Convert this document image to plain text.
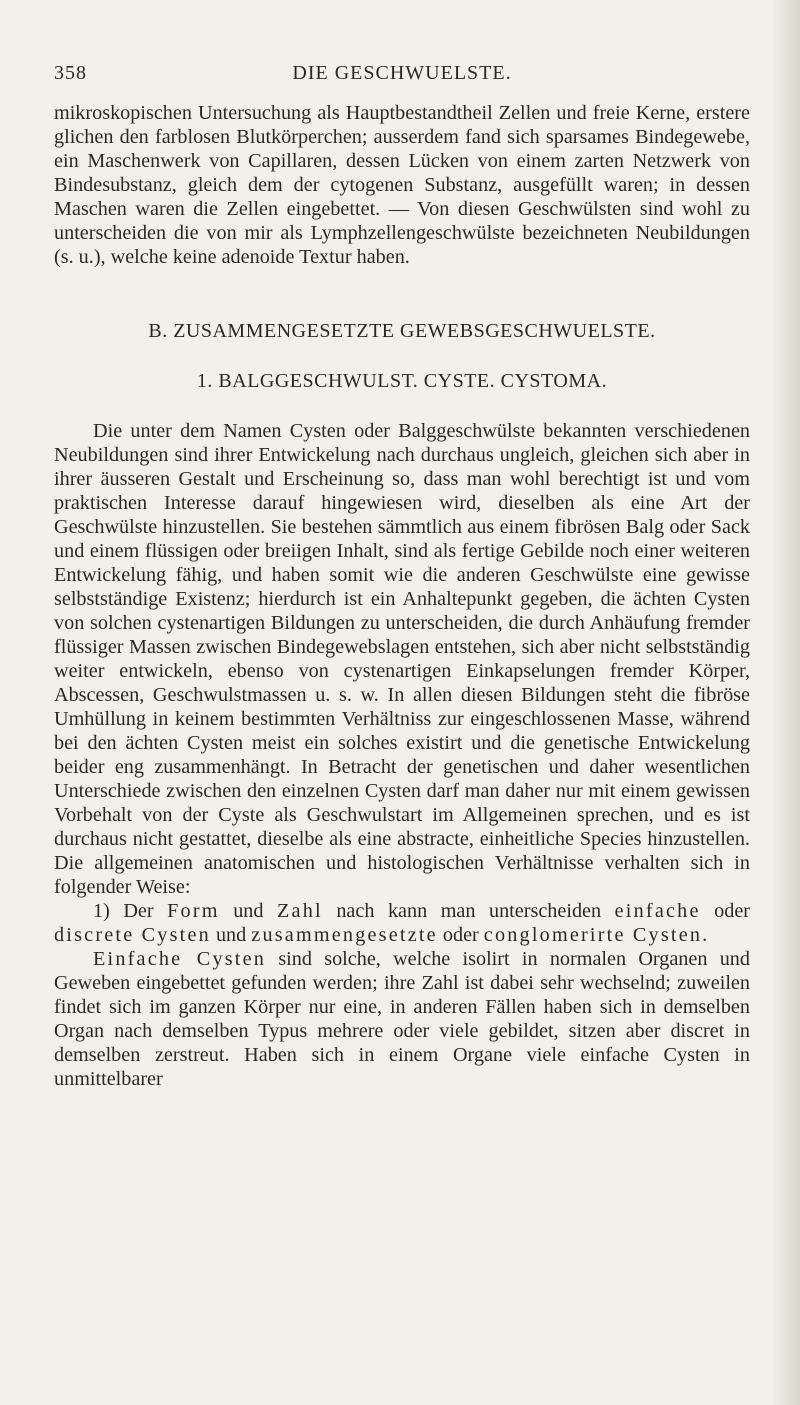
358	DIE GESCHWUELSTE.

mikroskopischen Untersuchung als Hauptbestandtheil Zellen und freie Kerne, erstere glichen den farblosen Blutkörperchen; ausserdem fand sich sparsames Bindegewebe, ein Maschenwerk von Capillaren, dessen Lücken von einem zarten Netzwerk von Bindesubstanz, gleich dem der cytogenen Substanz, ausgefüllt waren; in dessen Maschen waren die Zellen eingebettet. — Von diesen Geschwülsten sind wohl zu unterscheiden die von mir als Lymphzellengeschwülste bezeichneten Neubildungen (s. u.), welche keine adenoide Textur haben.

B. ZUSAMMENGESETZTE GEWEBSGESCHWUELSTE.

1. BALGGESCHWULST. CYSTE. CYSTOMA.

Die unter dem Namen Cysten oder Balggeschwülste bekannten verschiedenen Neubildungen sind ihrer Entwickelung nach durchaus ungleich, gleichen sich aber in ihrer äusseren Gestalt und Erscheinung so, dass man wohl berechtigt ist und vom praktischen Interesse darauf hingewiesen wird, dieselben als eine Art der Geschwülste hinzustellen. Sie bestehen sämmtlich aus einem fibrösen Balg oder Sack und einem flüssigen oder breiigen Inhalt, sind als fertige Gebilde noch einer weiteren Entwickelung fähig, und haben somit wie die anderen Geschwülste eine gewisse selbstständige Existenz; hierdurch ist ein Anhaltepunkt gegeben, die ächten Cysten von solchen cystenartigen Bildungen zu unterscheiden, die durch Anhäufung fremder flüssiger Massen zwischen Bindegewebslagen entstehen, sich aber nicht selbstständig weiter entwickeln, ebenso von cystenartigen Einkapselungen fremder Körper, Abscessen, Geschwulstmassen u. s. w. In allen diesen Bildungen steht die fibröse Umhüllung in keinem bestimmten Verhältniss zur eingeschlossenen Masse, während bei den ächten Cysten meist ein solches existirt und die genetische Entwickelung beider eng zusammenhängt. In Betracht der genetischen und daher wesentlichen Unterschiede zwischen den einzelnen Cysten darf man daher nur mit einem gewissen Vorbehalt von der Cyste als Geschwulstart im Allgemeinen sprechen, und es ist durchaus nicht gestattet, dieselbe als eine abstracte, einheitliche Species hinzustellen. Die allgemeinen anatomischen und histologischen Verhältnisse verhalten sich in folgender Weise:

1) Der Form und Zahl nach kann man unterscheiden einfache oder discrete Cysten und zusammengesetzte oder conglomerirte Cysten.

Einfache Cysten sind solche, welche isolirt in normalen Organen und Geweben eingebettet gefunden werden; ihre Zahl ist dabei sehr wechselnd; zuweilen findet sich im ganzen Körper nur eine, in anderen Fällen haben sich in demselben Organ nach demselben Typus mehrere oder viele gebildet, sitzen aber discret in demselben zerstreut. Haben sich in einem Organe viele einfache Cysten in unmittelbarer
